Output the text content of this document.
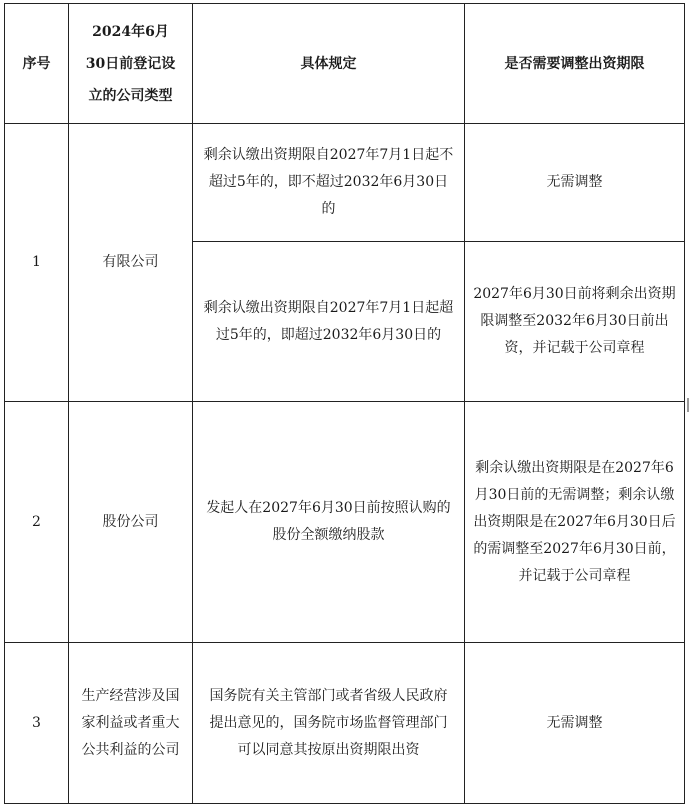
序号	2024年6月30日前登记设立的公司类型	具体规定	是否需要调整出资期限
1	有限公司	剩余认缴出资期限自2027年7月1日起不超过5年的，即不超过2032年6月30日的	无需调整
		剩余认缴出资期限自2027年7月1日起超过5年的，即超过2032年6月30日的	2027年6月30日前将剩余出资期限调整至2032年6月30日前出资，并记载于公司章程
2	股份公司	发起人在2027年6月30日前按照认购的股份全额缴纳股款	剩余认缴出资期限是在2027年6月30日前的无需调整；剩余认缴出资期限是在2027年6月30日后的需调整至2027年6月30日前，并记载于公司章程
3	生产经营涉及国家利益或者重大公共利益的公司	国务院有关主管部门或者省级人民政府提出意见的，国务院市场监督管理部门可以同意其按原出资期限出资	无需调整
